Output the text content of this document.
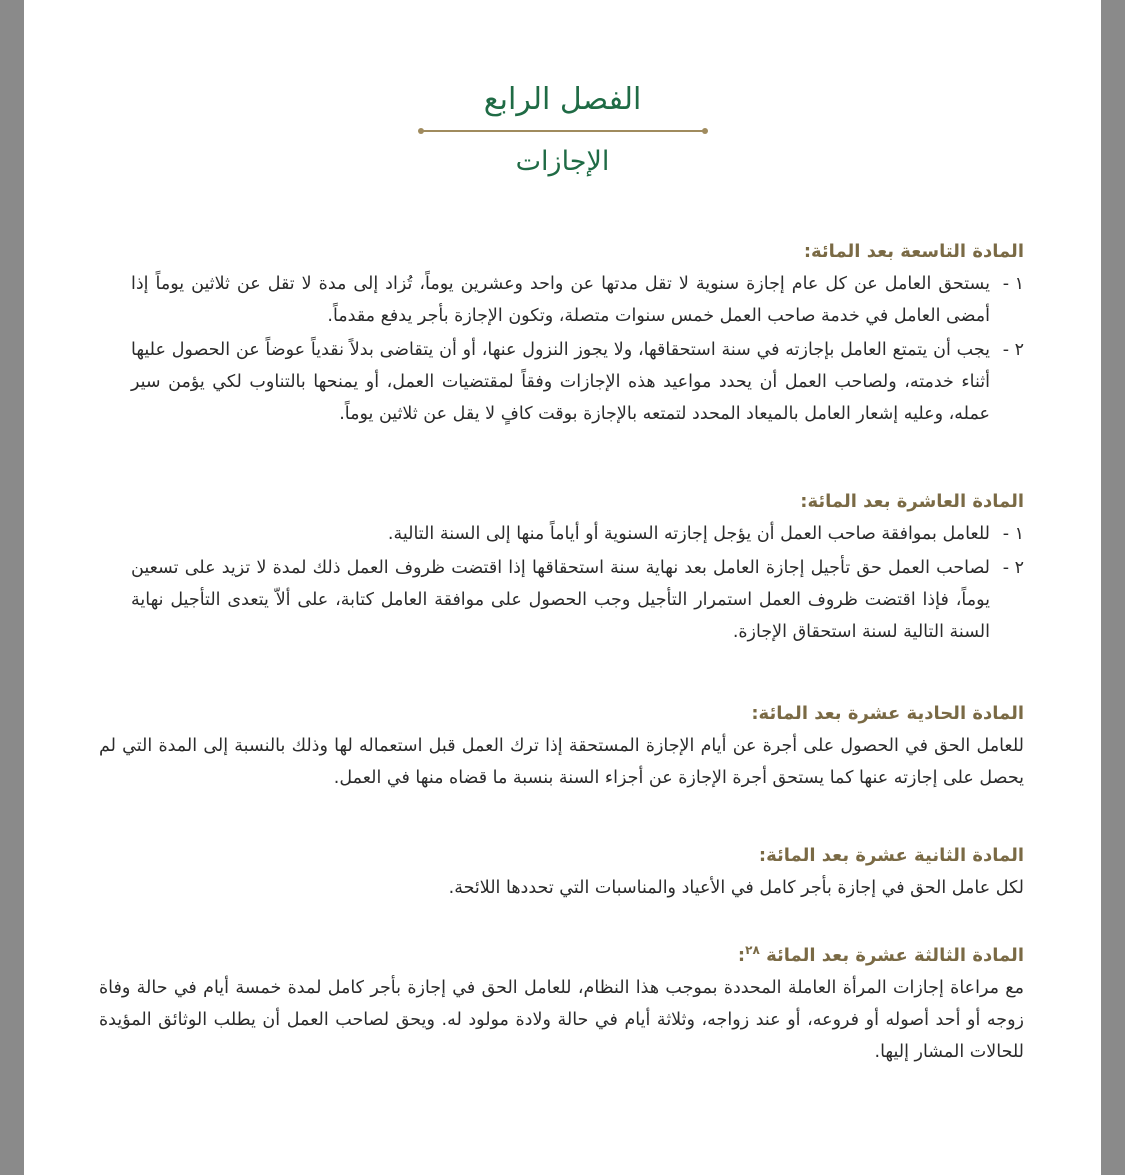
الفصل الرابع
الإجازات
المادة التاسعة بعد المائة:
١ -
يستحق العامل عن كل عام إجازة سنوية لا تقل مدتها عن واحد وعشرين يوماً، تُزاد إلى مدة لا تقل عن ثلاثين يوماً إذا أمضى العامل في خدمة صاحب العمل خمس سنوات متصلة، وتكون الإجازة بأجر يدفع مقدماً.
٢ -
يجب أن يتمتع العامل بإجازته في سنة استحقاقها، ولا يجوز النزول عنها، أو أن يتقاضى بدلاً نقدياً عوضاً عن الحصول عليها أثناء خدمته، ولصاحب العمل أن يحدد مواعيد هذه الإجازات وفقاً لمقتضيات العمل، أو يمنحها بالتناوب لكي يؤمن سير عمله، وعليه إشعار العامل بالميعاد المحدد لتمتعه بالإجازة بوقت كافٍ لا يقل عن ثلاثين يوماً.
المادة العاشرة بعد المائة:
١ -
للعامل بموافقة صاحب العمل أن يؤجل إجازته السنوية أو أياماً منها إلى السنة التالية.
٢ -
لصاحب العمل حق تأجيل إجازة العامل بعد نهاية سنة استحقاقها إذا اقتضت ظروف العمل ذلك لمدة لا تزيد على تسعين يوماً، فإذا اقتضت ظروف العمل استمرار التأجيل وجب الحصول على موافقة العامل كتابة، على ألاّ يتعدى التأجيل نهاية السنة التالية لسنة استحقاق الإجازة.
المادة الحادية عشرة بعد المائة:

للعامل الحق في الحصول على أجرة عن أيام الإجازة المستحقة إذا ترك العمل قبل استعماله لها وذلك بالنسبة إلى المدة التي لم يحصل على إجازته عنها كما يستحق أجرة الإجازة عن أجزاء السنة بنسبة ما قضاه منها في العمل.

المادة الثانية عشرة بعد المائة:

لكل عامل الحق في إجازة بأجر كامل في الأعياد والمناسبات التي تحددها اللائحة.

المادة الثالثة عشرة بعد المائة $^{٢٨}$:

مع مراعاة إجازات المرأة العاملة المحددة بموجب هذا النظام، للعامل الحق في إجازة بأجر كامل لمدة خمسة أيام في حالة وفاة زوجه أو أحد أصوله أو فروعه، أو عند زواجه، وثلاثة أيام في حالة ولادة مولود له. ويحق لصاحب العمل أن يطلب الوثائق المؤيدة للحالات المشار إليها.
